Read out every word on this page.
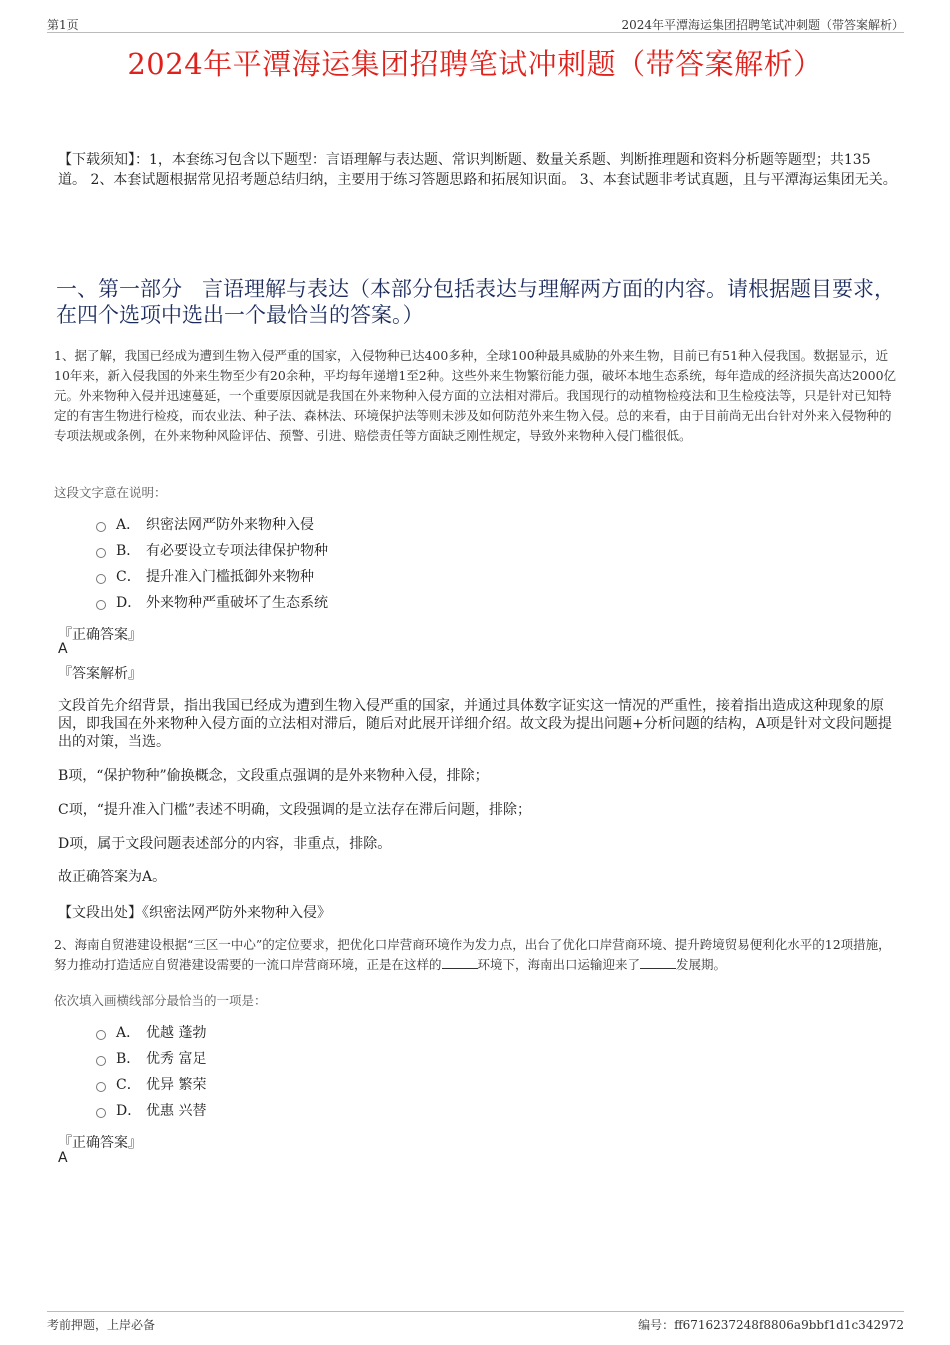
第1页	2024年平潭海运集团招聘笔试冲刺题（带答案解析）
2024年平潭海运集团招聘笔试冲刺题（带答案解析）
【下载须知】：1，本套练习包含以下题型：言语理解与表达题、常识判断题、数量关系题、判断推理题和资料分析题等题型；共135道。 2、本套试题根据常见招考题总结归纳，主要用于练习答题思路和拓展知识面。 3、本套试题非考试真题，且与平潭海运集团无关。
一、第一部分 言语理解与表达（本部分包括表达与理解两方面的内容。请根据题目要求，在四个选项中选出一个最恰当的答案。）
1、据了解，我国已经成为遭到生物入侵严重的国家，入侵物种已达400多种，全球100种最具威胁的外来生物，目前已有51种入侵我国。数据显示，近10年来，新入侵我国的外来生物至少有20余种，平均每年递增1至2种。这些外来生物繁衍能力强，破坏本地生态系统，每年造成的经济损失高达2000亿元。外来物种入侵并迅速蔓延，一个重要原因就是我国在外来物种入侵方面的立法相对滞后。我国现行的动植物检疫法和卫生检疫法等，只是针对已知特定的有害生物进行检疫，而农业法、种子法、森林法、环境保护法等则未涉及如何防范外来生物入侵。总的来看，由于目前尚无出台针对外来入侵物种的专项法规或条例，在外来物种风险评估、预警、引进、赔偿责任等方面缺乏刚性规定，导致外来物种入侵门槛很低。
这段文字意在说明：
A． 织密法网严防外来物种入侵
B． 有必要设立专项法律保护物种
C． 提升准入门槛抵御外来物种
D． 外来物种严重破坏了生态系统
『正确答案』
A
『答案解析』
文段首先介绍背景，指出我国已经成为遭到生物入侵严重的国家，并通过具体数字证实这一情况的严重性，接着指出造成这种现象的原因，即我国在外来物种入侵方面的立法相对滞后，随后对此展开详细介绍。故文段为提出问题+分析问题的结构，A项是针对文段问题提出的对策，当选。
B项，“保护物种”偷换概念，文段重点强调的是外来物种入侵，排除；
C项，“提升准入门槛”表述不明确，文段强调的是立法存在滞后问题，排除；
D项，属于文段问题表述部分的内容，非重点，排除。
故正确答案为A。
【文段出处】《织密法网严防外来物种入侵》
2、海南自贸港建设根据“三区一中心”的定位要求，把优化口岸营商环境作为发力点，出台了优化口岸营商环境、提升跨境贸易便利化水平的12项措施，努力推动打造适应自贸港建设需要的一流口岸营商环境，正是在这样的	环境下，海南出口运输迎来了	发展期。
依次填入画横线部分最恰当的一项是：
A． 优越 蓬勃
B． 优秀 富足
C． 优异 繁荣
D． 优惠 兴替
『正确答案』
A
考前押题，上岸必备	编号：ff6716237248f8806a9bbf1d1c342972
